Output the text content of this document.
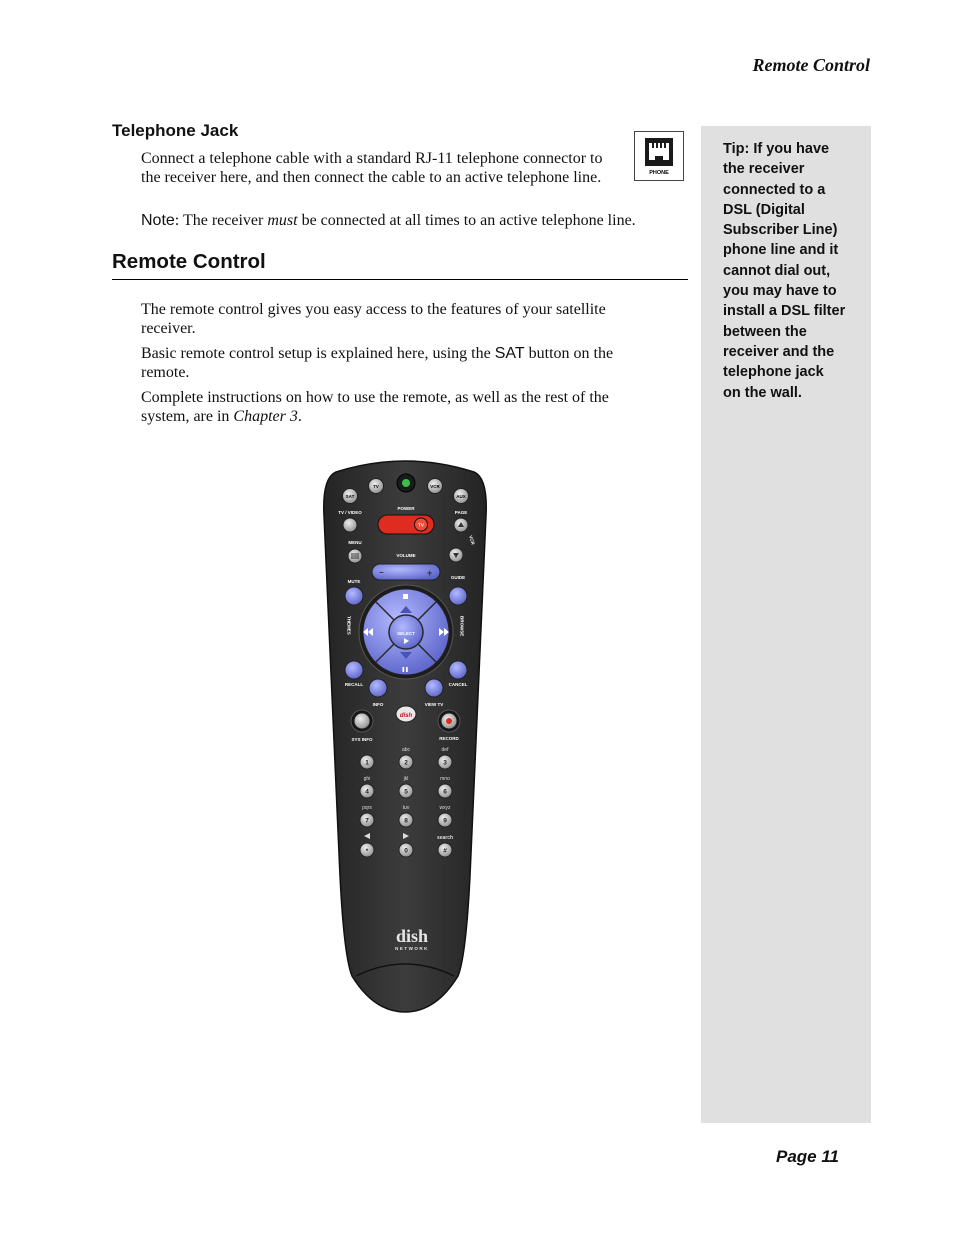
Remote Control
Tip: If you have
the receiver
connected to a
DSL (Digital
Subscriber Line)
phone line and it
cannot dial out,
you may have to
install a DSL filter
between the
receiver and the
telephone jack
on the wall.
Telephone Jack
PHONE
Connect a telephone cable with a standard RJ-11 telephone connector to the receiver here, and then connect the cable to an active telephone line.
Note: The receiver must be connected at all times to an active telephone line.
Remote Control
The remote control gives you easy access to the features of your satellite receiver.
Basic remote control setup is explained here, using the SAT button on the remote.
Complete instructions on how to use the remote, as well as the rest of the system, are in Chapter 3.
SAT
TV	VCR
AUX
TV / VIDEO
POWER
TV
PAGE
VCR
MENU
VOLUME
−	+
MUTE
GUIDE
THEMES	BROWSE
SELECT
RECALL	CANCEL
INFO	VIEW TV
SYS INFO
dish
RECORD
abc	def
1	2	3
ghi	jkl	mno
4	5	6
pqrs	tuv	wxyz
7	8	9
search
*	0	#
dish
NETWORK
Page 11
